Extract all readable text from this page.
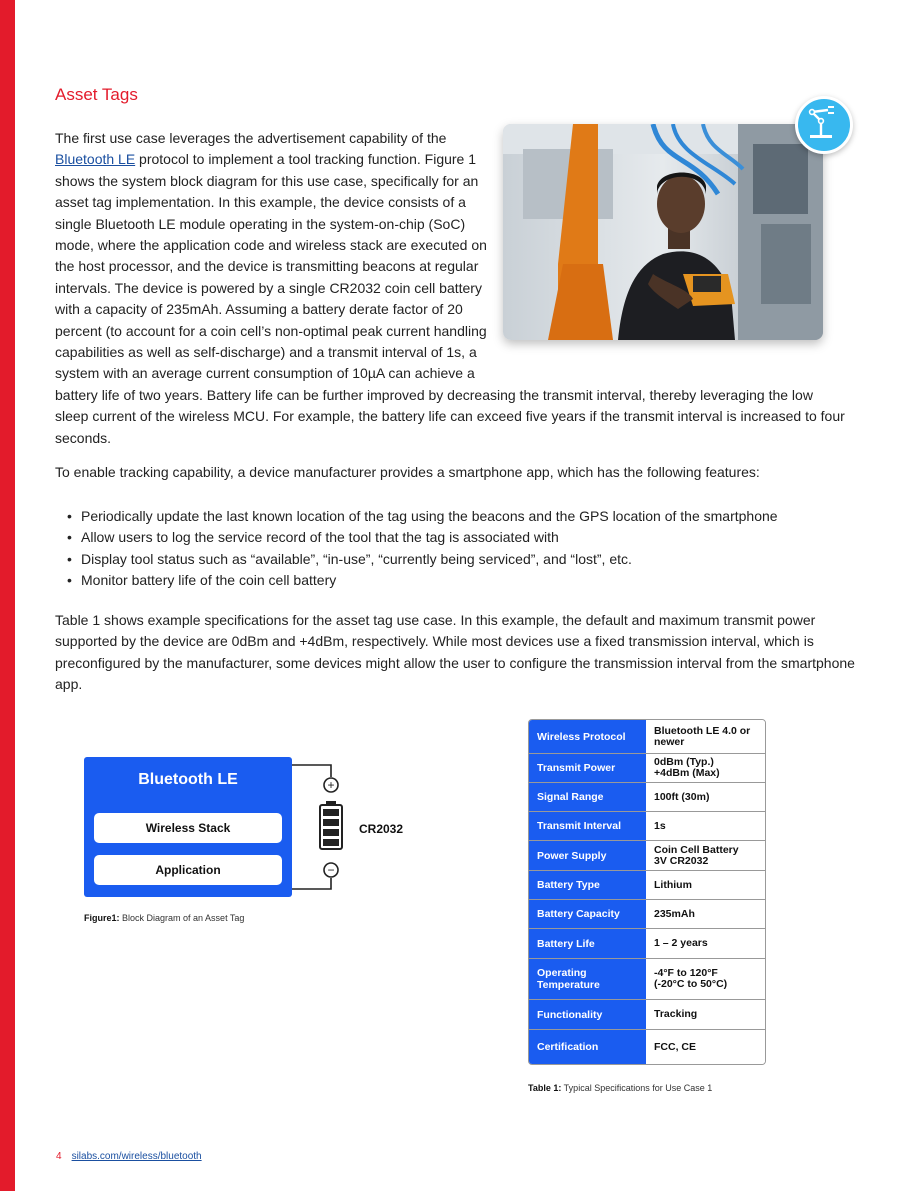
Asset Tags
The first use case leverages the advertisement capability of the Bluetooth LE protocol to implement a tool tracking function. Figure 1 shows the system block diagram for this use case, specifically for an asset tag implementation. In this example, the device consists of a single Bluetooth LE module operating in the system-on-chip (SoC) mode, where the application code and wireless stack are executed on the host processor, and the device is transmitting beacons at regular intervals. The device is powered by a single CR2032 coin cell battery with a capacity of 235mAh. Assuming a battery derate factor of 20 percent (to account for a coin cell’s non-optimal peak current handling capabilities as well as self-discharge) and a transmit interval of 1s, a system with an average current consumption of 10µA can achieve a battery life of two years. Battery life can be further improved by decreasing the transmit interval, thereby leveraging the low sleep current of the wireless MCU. For example, the battery life can exceed five years if the transmit interval is increased to four seconds.

To enable tracking capability, a device manufacturer provides a smartphone app, which has the following features:

• Periodically update the last known location of the tag using the beacons and the GPS location of the smartphone
• Allow users to log the service record of the tool that the tag is associated with
• Display tool status such as “available”, “in-use”, “currently being serviced”, and “lost”, etc.
• Monitor battery life of the coin cell battery

Table 1 shows example specifications for the asset tag use case. In this example, the default and maximum transmit power supported by the device are 0dBm and +4dBm, respectively. While most devices use a fixed transmission interval, which is preconfigured by the manufacturer, some devices might allow the user to configure the transmission interval from the smartphone app.

Bluetooth LE

Wireless Stack
Application
+
−
CR2032

Figure1: Block Diagram of an Asset Tag

Wireless Protocol	Bluetooth LE 4.0 or
newer
Transmit Power	0dBm (Typ.)
+4dBm (Max)
Signal Range	100ft (30m)
Transmit Interval	1s
Power Supply	Coin Cell Battery
3V CR2032
Battery Type	Lithium
Battery Capacity	235mAh
Battery Life	1 – 2 years
Operating
Temperature	-4°F to 120°F
(-20°C to 50°C)
Functionality	Tracking
Certification	FCC, CE

Table 1: Typical Specifications for Use Case 1

4 silabs.com/wireless/bluetooth
